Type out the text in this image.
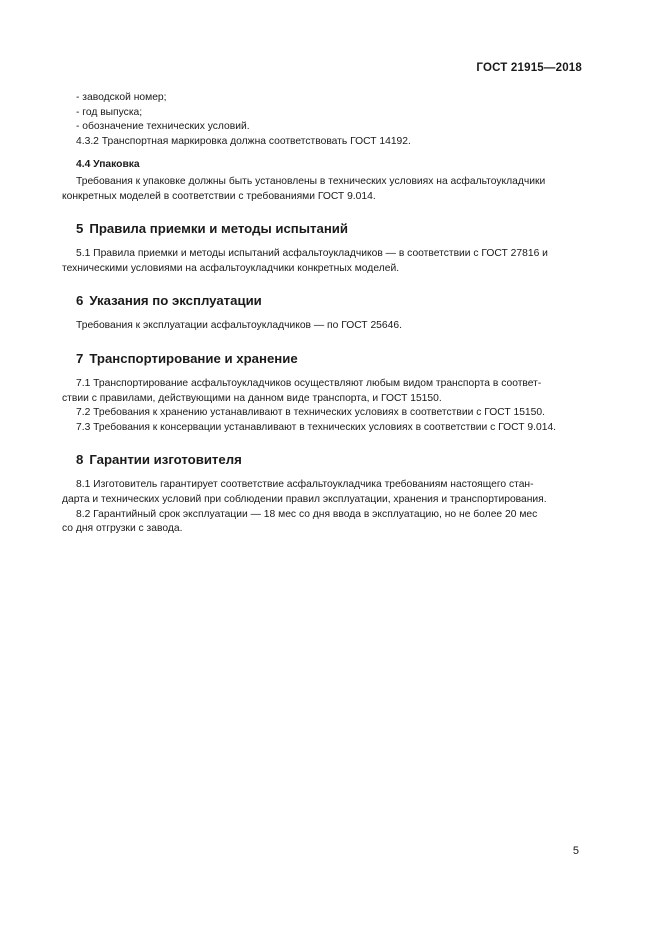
ГОСТ 21915—2018

- заводской номер;

- год выпуска;

- обозначение технических условий.

4.3.2 Транспортная маркировка должна соответствовать ГОСТ 14192.

4.4 Упаковка

Требования к упаковке должны быть установлены в технических условиях на асфальтоукладчики

конкретных моделей в соответствии с требованиями ГОСТ 9.014.

5 Правила приемки и методы испытаний

5.1 Правила приемки и методы испытаний асфальтоукладчиков — в соответствии с ГОСТ 27816 и

техническими условиями на асфальтоукладчики конкретных моделей.

6 Указания по эксплуатации

Требования к эксплуатации асфальтоукладчиков — по ГОСТ 25646.

7 Транспортирование и хранение

7.1 Транспортирование асфальтоукладчиков осуществляют любым видом транспорта в соответ-

ствии с правилами, действующими на данном виде транспорта, и ГОСТ 15150.

7.2 Требования к хранению устанавливают в технических условиях в соответствии с ГОСТ 15150.

7.3 Требования к консервации устанавливают в технических условиях в соответствии с ГОСТ 9.014.

8 Гарантии изготовителя

8.1 Изготовитель гарантирует соответствие асфальтоукладчика требованиям настоящего стан-

дарта и технических условий при соблюдении правил эксплуатации, хранения и транспортирования.

8.2 Гарантийный срок эксплуатации — 18 мес со дня ввода в эксплуатацию, но не более 20 мес

со дня отгрузки с завода.

5
